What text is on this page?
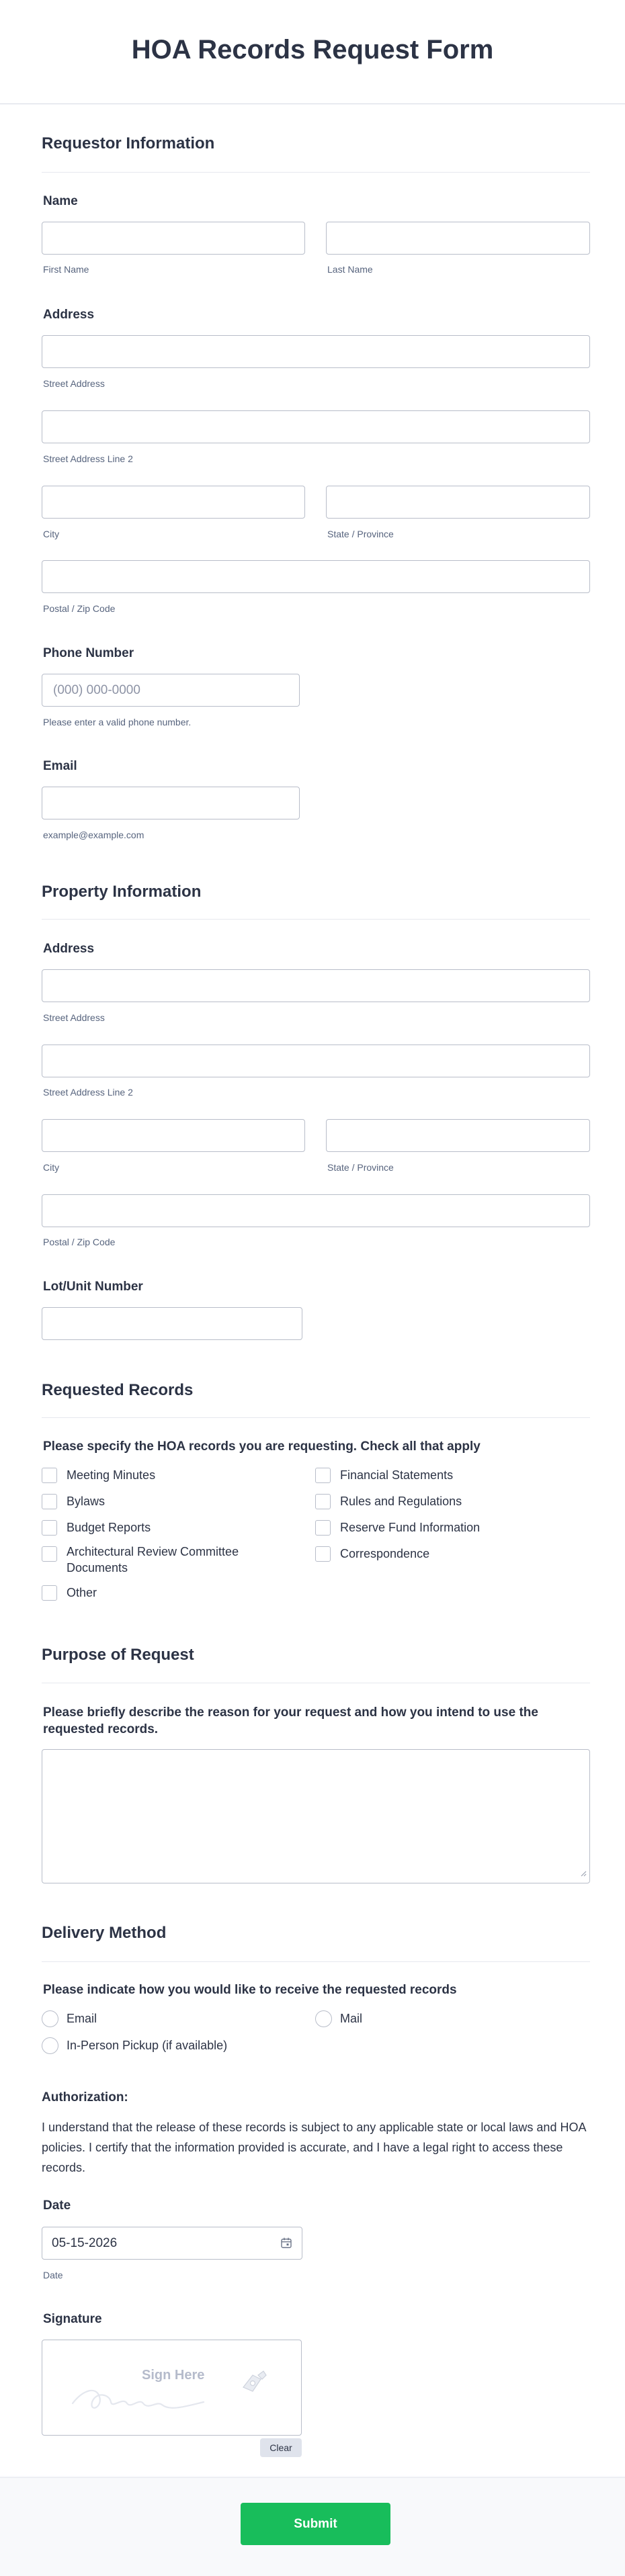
HOA Records Request Form
Requestor Information
Name
First Name	Last Name
Address
Street Address
Street Address Line 2
City	State / Province
Postal / Zip Code
Phone Number
(000) 000-0000
Please enter a valid phone number.
Email
example@example.com
Property Information
Address
Street Address
Street Address Line 2
City	State / Province
Postal / Zip Code
Lot/Unit Number
Requested Records
Please specify the HOA records you are requesting. Check all that apply
Meeting Minutes	Financial Statements
Bylaws	Rules and Regulations
Budget Reports	Reserve Fund Information
Architectural Review Committee Documents
Correspondence
Other
Purpose of Request
Please briefly describe the reason for your request and how you intend to use the requested records.
Delivery Method
Please indicate how you would like to receive the requested records
Email	Mail
In-Person Pickup (if available)
Authorization:
I understand that the release of these records is subject to any applicable state or local laws and HOA policies. I certify that the information provided is accurate, and I have a legal right to access these records.
Date
05-15-2026
Date
Signature
Sign Here
Clear
Submit
